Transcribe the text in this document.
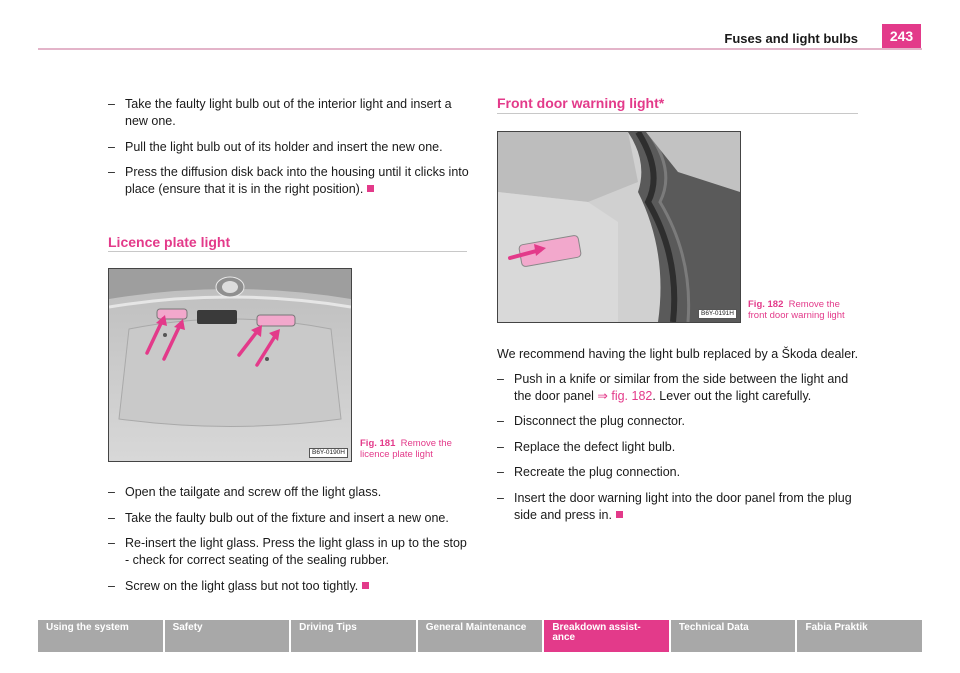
Fuses and light bulbs	243
– Take the faulty light bulb out of the interior light and insert a new one.
– Pull the light bulb out of its holder and insert the new one.
– Press the diffusion disk back into the housing until it clicks into place (ensure that it is in the right position).
Licence plate light
B6Y-0190H
Fig. 181 Remove the licence plate light
– Open the tailgate and screw off the light glass.
– Take the faulty bulb out of the fixture and insert a new one.
– Re-insert the light glass. Press the light glass in up to the stop - check for correct seating of the sealing rubber.
– Screw on the light glass but not too tightly.
Front door warning light*
B6Y-0191H
Fig. 182 Remove the front door warning light
We recommend having the light bulb replaced by a Škoda dealer.
– Push in a knife or similar from the side between the light and the door panel ⇒ fig. 182. Lever out the light carefully.
– Disconnect the plug connector.
– Replace the defect light bulb.
– Recreate the plug connection.
– Insert the door warning light into the door panel from the plug side and press in.
Using the system	Safety	Driving Tips	General Maintenance	Breakdown assist-
ance
Technical Data	Fabia Praktik
